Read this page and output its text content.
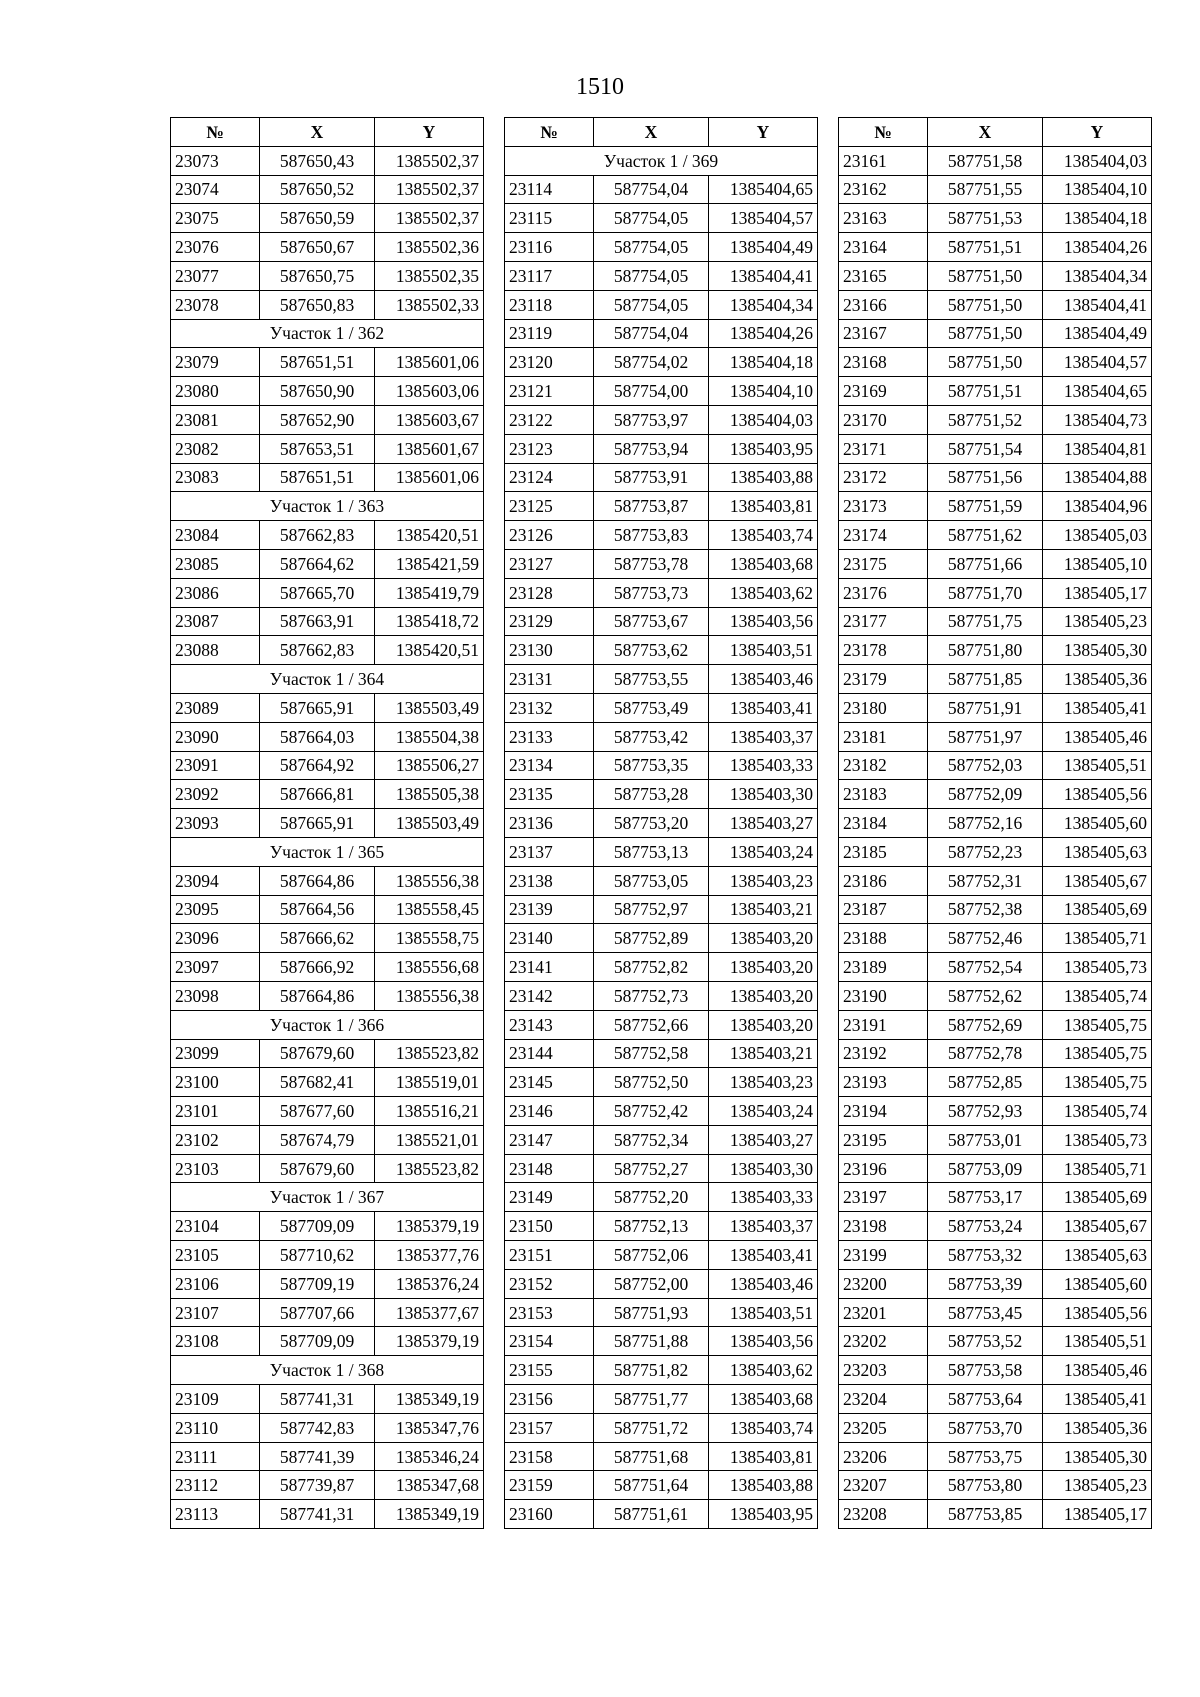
1510
№	X	Y
23073	587650,43	1385502,37
23074	587650,52	1385502,37
23075	587650,59	1385502,37
23076	587650,67	1385502,36
23077	587650,75	1385502,35
23078	587650,83	1385502,33
Участок 1 / 362		
23079	587651,51	1385601,06
23080	587650,90	1385603,06
23081	587652,90	1385603,67
23082	587653,51	1385601,67
23083	587651,51	1385601,06
Участок 1 / 363		
23084	587662,83	1385420,51
23085	587664,62	1385421,59
23086	587665,70	1385419,79
23087	587663,91	1385418,72
23088	587662,83	1385420,51
Участок 1 / 364		
23089	587665,91	1385503,49
23090	587664,03	1385504,38
23091	587664,92	1385506,27
23092	587666,81	1385505,38
23093	587665,91	1385503,49
Участок 1 / 365		
23094	587664,86	1385556,38
23095	587664,56	1385558,45
23096	587666,62	1385558,75
23097	587666,92	1385556,68
23098	587664,86	1385556,38
Участок 1 / 366		
23099	587679,60	1385523,82
23100	587682,41	1385519,01
23101	587677,60	1385516,21
23102	587674,79	1385521,01
23103	587679,60	1385523,82
Участок 1 / 367		
23104	587709,09	1385379,19
23105	587710,62	1385377,76
23106	587709,19	1385376,24
23107	587707,66	1385377,67
23108	587709,09	1385379,19
Участок 1 / 368		
23109	587741,31	1385349,19
23110	587742,83	1385347,76
23111	587741,39	1385346,24
23112	587739,87	1385347,68
23113	587741,31	1385349,19
№	X	Y
Участок 1 / 369		
23114	587754,04	1385404,65
23115	587754,05	1385404,57
23116	587754,05	1385404,49
23117	587754,05	1385404,41
23118	587754,05	1385404,34
23119	587754,04	1385404,26
23120	587754,02	1385404,18
23121	587754,00	1385404,10
23122	587753,97	1385404,03
23123	587753,94	1385403,95
23124	587753,91	1385403,88
23125	587753,87	1385403,81
23126	587753,83	1385403,74
23127	587753,78	1385403,68
23128	587753,73	1385403,62
23129	587753,67	1385403,56
23130	587753,62	1385403,51
23131	587753,55	1385403,46
23132	587753,49	1385403,41
23133	587753,42	1385403,37
23134	587753,35	1385403,33
23135	587753,28	1385403,30
23136	587753,20	1385403,27
23137	587753,13	1385403,24
23138	587753,05	1385403,23
23139	587752,97	1385403,21
23140	587752,89	1385403,20
23141	587752,82	1385403,20
23142	587752,73	1385403,20
23143	587752,66	1385403,20
23144	587752,58	1385403,21
23145	587752,50	1385403,23
23146	587752,42	1385403,24
23147	587752,34	1385403,27
23148	587752,27	1385403,30
23149	587752,20	1385403,33
23150	587752,13	1385403,37
23151	587752,06	1385403,41
23152	587752,00	1385403,46
23153	587751,93	1385403,51
23154	587751,88	1385403,56
23155	587751,82	1385403,62
23156	587751,77	1385403,68
23157	587751,72	1385403,74
23158	587751,68	1385403,81
23159	587751,64	1385403,88
23160	587751,61	1385403,95
№	X	Y
23161	587751,58	1385404,03
23162	587751,55	1385404,10
23163	587751,53	1385404,18
23164	587751,51	1385404,26
23165	587751,50	1385404,34
23166	587751,50	1385404,41
23167	587751,50	1385404,49
23168	587751,50	1385404,57
23169	587751,51	1385404,65
23170	587751,52	1385404,73
23171	587751,54	1385404,81
23172	587751,56	1385404,88
23173	587751,59	1385404,96
23174	587751,62	1385405,03
23175	587751,66	1385405,10
23176	587751,70	1385405,17
23177	587751,75	1385405,23
23178	587751,80	1385405,30
23179	587751,85	1385405,36
23180	587751,91	1385405,41
23181	587751,97	1385405,46
23182	587752,03	1385405,51
23183	587752,09	1385405,56
23184	587752,16	1385405,60
23185	587752,23	1385405,63
23186	587752,31	1385405,67
23187	587752,38	1385405,69
23188	587752,46	1385405,71
23189	587752,54	1385405,73
23190	587752,62	1385405,74
23191	587752,69	1385405,75
23192	587752,78	1385405,75
23193	587752,85	1385405,75
23194	587752,93	1385405,74
23195	587753,01	1385405,73
23196	587753,09	1385405,71
23197	587753,17	1385405,69
23198	587753,24	1385405,67
23199	587753,32	1385405,63
23200	587753,39	1385405,60
23201	587753,45	1385405,56
23202	587753,52	1385405,51
23203	587753,58	1385405,46
23204	587753,64	1385405,41
23205	587753,70	1385405,36
23206	587753,75	1385405,30
23207	587753,80	1385405,23
23208	587753,85	1385405,17
